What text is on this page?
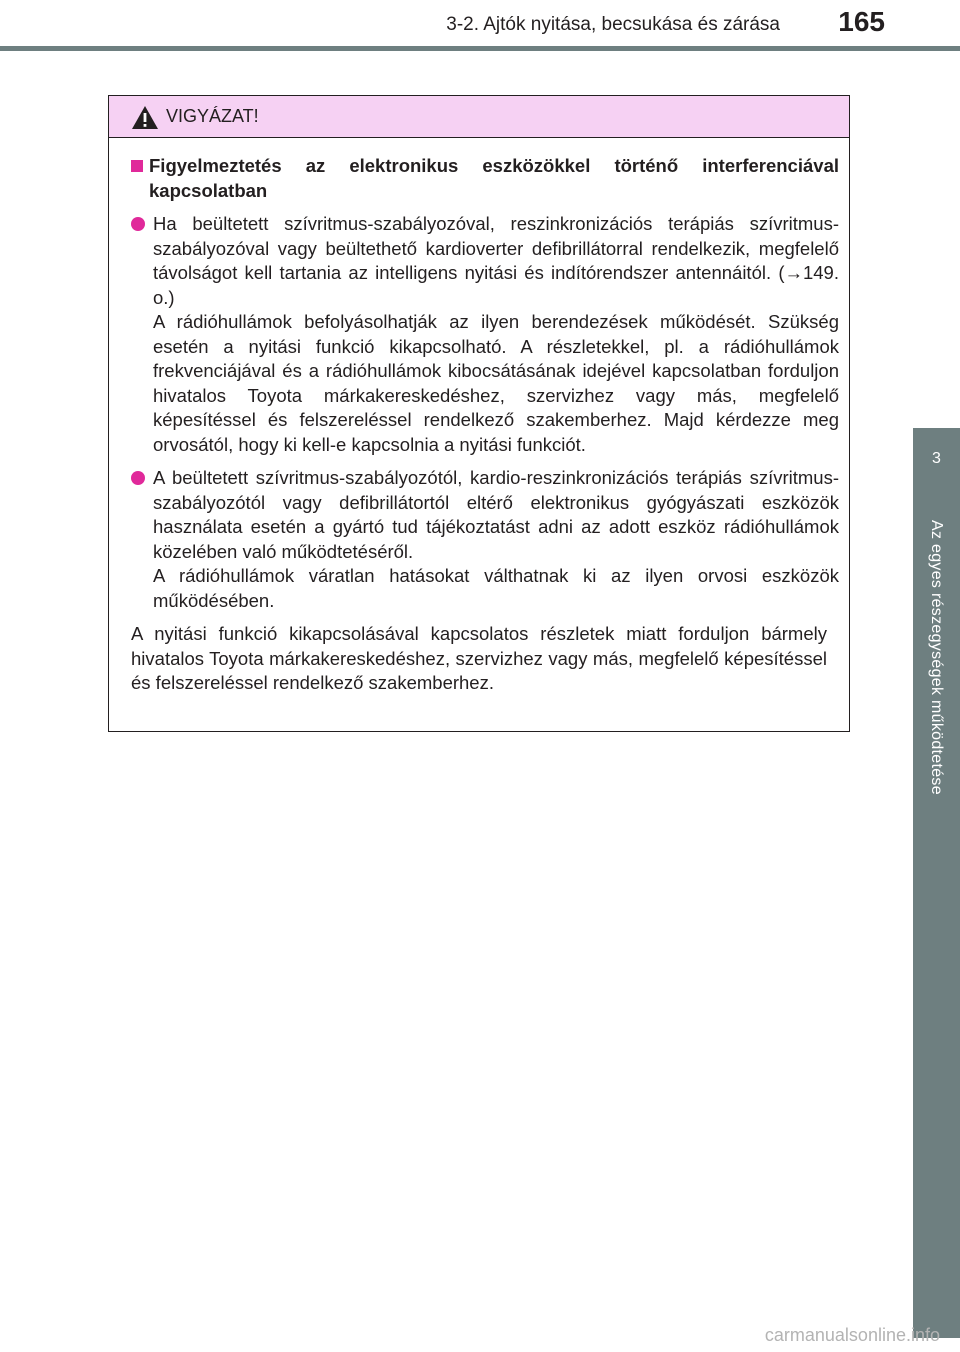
3-2. Ajtók nyitása, becsukása és zárása	165
3
Az egyes részegységek működtetése
VIGYÁZAT!
Figyelmeztetés az elektronikus eszközökkel történő interferenciával kapcsolatban
Ha beültetett szívritmus-szabályozóval, reszinkronizációs terápiás szívritmus-szabályozóval vagy beültethető kardioverter defibrillátorral rendelkezik, megfelelő távolságot kell tartania az intelligens nyitási és indítórendszer antennáitól. (→149. o.)
A rádióhullámok befolyásolhatják az ilyen berendezések működését. Szükség esetén a nyitási funkció kikapcsolható. A részletekkel, pl. a rádióhullámok frekvenciájával és a rádióhullámok kibocsátásának idejével kapcsolatban forduljon hivatalos Toyota márkakereskedéshez, szervizhez vagy más, megfelelő képesítéssel és felszereléssel rendelkező szakemberhez. Majd kérdezze meg orvosától, hogy ki kell-e kapcsolnia a nyitási funkciót.
A beültetett szívritmus-szabályozótól, kardio-reszinkronizációs terápiás szívritmus-szabályozótól vagy defibrillátortól eltérő elektronikus gyógyászati eszközök használata esetén a gyártó tud tájékoztatást adni az adott eszköz rádióhullámok közelében való működtetéséről.
A rádióhullámok váratlan hatásokat válthatnak ki az ilyen orvosi eszközök működésében.
A nyitási funkció kikapcsolásával kapcsolatos részletek miatt forduljon bármely hivatalos Toyota márkakereskedéshez, szervizhez vagy más, megfelelő képesítéssel és felszereléssel rendelkező szakemberhez.
carmanualsonline.info
